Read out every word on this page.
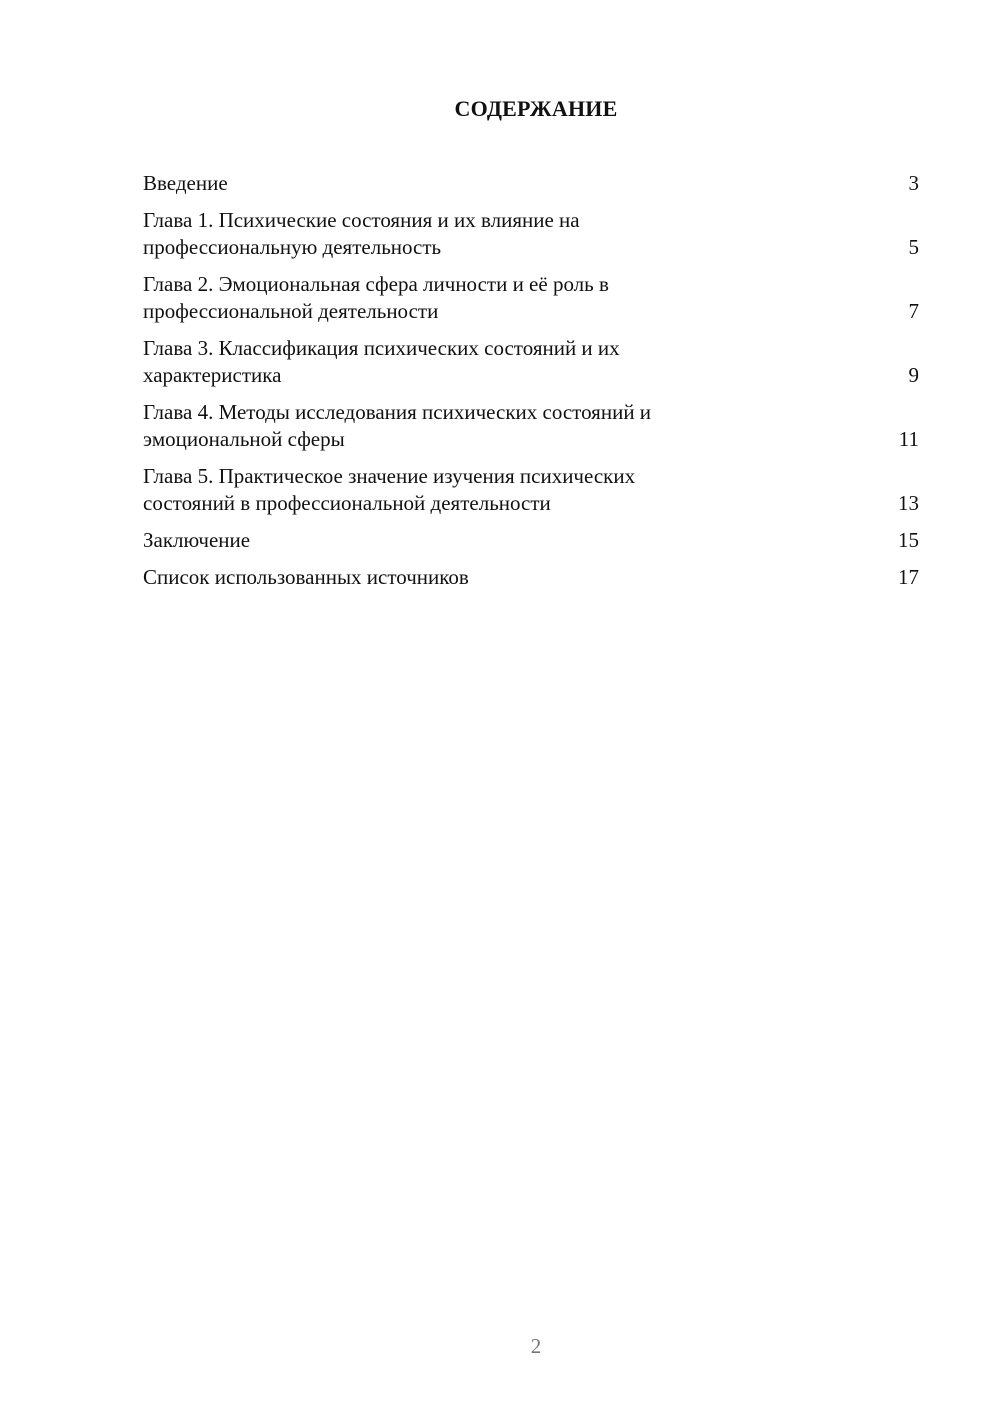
СОДЕРЖАНИЕ
Введение	3
Глава 1. Психические состояния и их влияние на
профессиональную деятельность	5
Глава 2. Эмоциональная сфера личности и её роль в
профессиональной деятельности	7
Глава 3. Классификация психических состояний и их
характеристика	9
Глава 4. Методы исследования психических состояний и
эмоциональной сферы	11
Глава 5. Практическое значение изучения психических
состояний в профессиональной деятельности	13
Заключение	15
Список использованных источников	17
2
